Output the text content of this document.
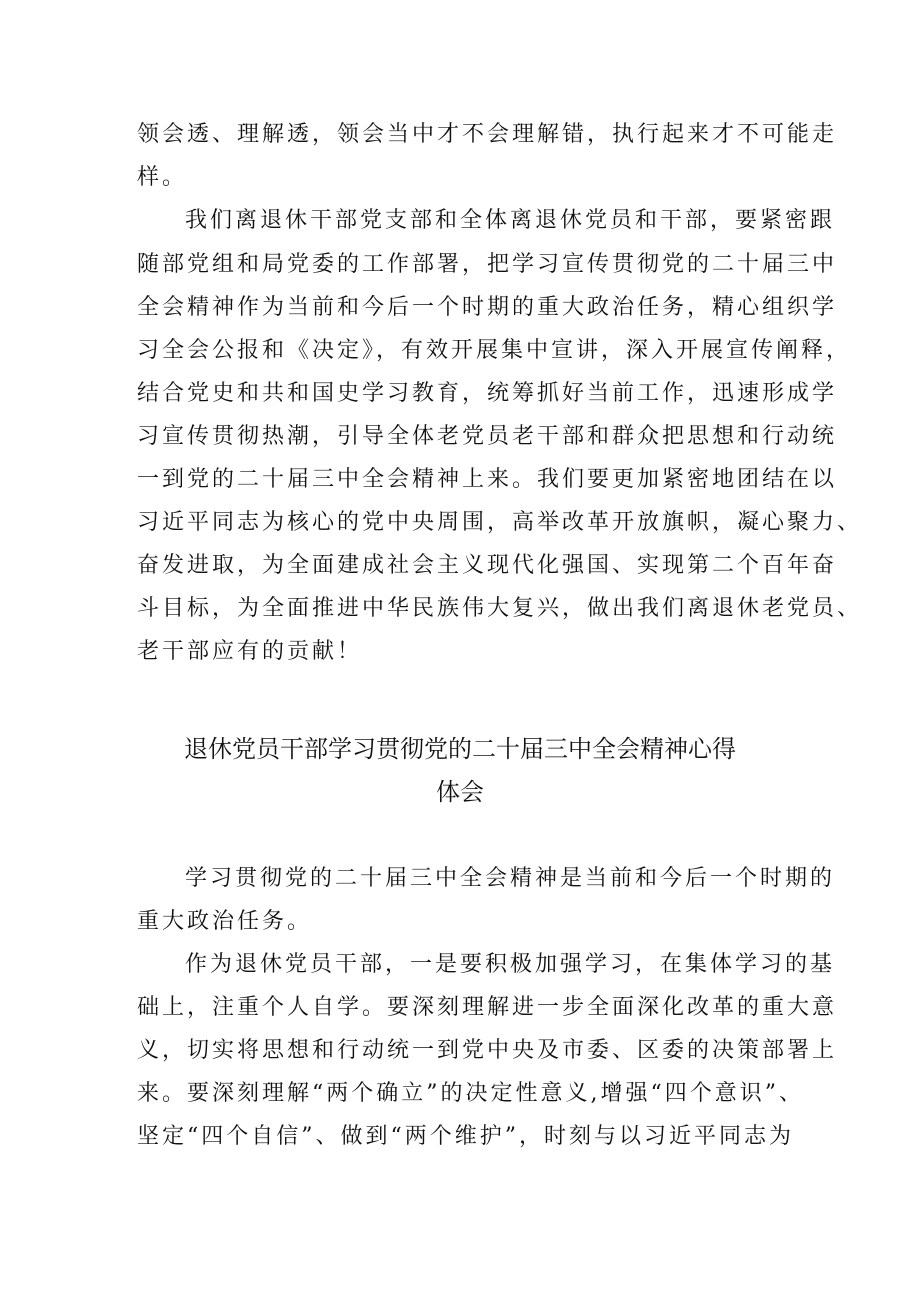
领会透、理解透，领会当中才不会理解错，执行起来才不可能走
样。
我们离退休干部党支部和全体离退休党员和干部，要紧密跟
随部党组和局党委的工作部署，把学习宣传贯彻党的二十届三中
全会精神作为当前和今后一个时期的重大政治任务，精心组织学
习全会公报和《决定》，有效开展集中宣讲，深入开展宣传阐释，
结合党史和共和国史学习教育，统筹抓好当前工作，迅速形成学
习宣传贯彻热潮，引导全体老党员老干部和群众把思想和行动统
一到党的二十届三中全会精神上来。我们要更加紧密地团结在以
习近平同志为核心的党中央周围，高举改革开放旗帜，凝心聚力、
奋发进取，为全面建成社会主义现代化强国、实现第二个百年奋
斗目标，为全面推进中华民族伟大复兴，做出我们离退休老党员、
老干部应有的贡献！
退休党员干部学习贯彻党的二十届三中全会精神心得
体会
学习贯彻党的二十届三中全会精神是当前和今后一个时期的
重大政治任务。
作为退休党员干部，一是要积极加强学习，在集体学习的基
础上，注重个人自学。要深刻理解进一步全面深化改革的重大意
义，切实将思想和行动统一到党中央及市委、区委的决策部署上
来。要深刻理解“两个确立”的决定性意义,增强“四个意识”、
坚定“四个自信”、做到“两个维护”，时刻与以习近平同志为
